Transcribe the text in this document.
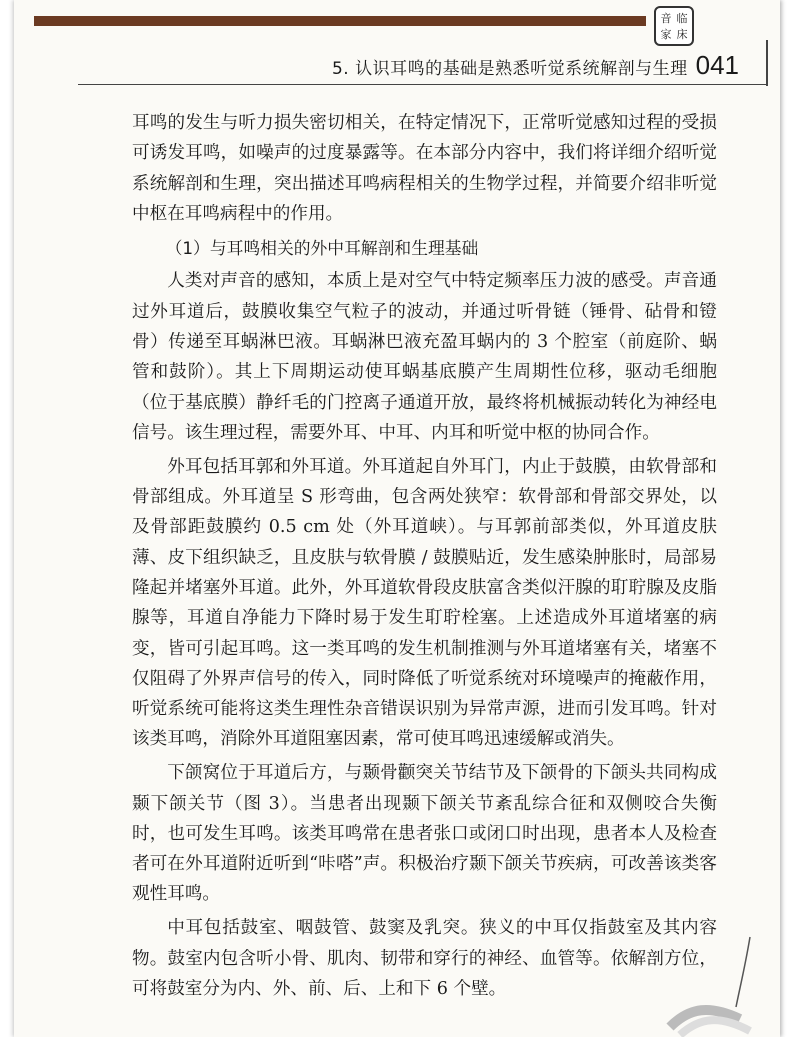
音 临
家 床
5. 认识耳鸣的基础是熟悉听觉系统解剖与生理 041

耳鸣的发生与听力损失密切相关，在特定情况下，正常听觉感知过程的受损可诱发耳鸣，如噪声的过度暴露等。在本部分内容中，我们将详细介绍听觉系统解剖和生理，突出描述耳鸣病程相关的生物学过程，并简要介绍非听觉中枢在耳鸣病程中的作用。

（1）与耳鸣相关的外中耳解剖和生理基础

人类对声音的感知，本质上是对空气中特定频率压力波的感受。声音通过外耳道后，鼓膜收集空气粒子的波动，并通过听骨链（锤骨、砧骨和镫骨）传递至耳蜗淋巴液。耳蜗淋巴液充盈耳蜗内的 3 个腔室（前庭阶、蜗管和鼓阶）。其上下周期运动使耳蜗基底膜产生周期性位移，驱动毛细胞（位于基底膜）静纤毛的门控离子通道开放，最终将机械振动转化为神经电信号。该生理过程，需要外耳、中耳、内耳和听觉中枢的协同合作。

外耳包括耳郭和外耳道。外耳道起自外耳门，内止于鼓膜，由软骨部和骨部组成。外耳道呈 S 形弯曲，包含两处狭窄：软骨部和骨部交界处，以及骨部距鼓膜约 0.5 cm 处（外耳道峡）。与耳郭前部类似，外耳道皮肤薄、皮下组织缺乏，且皮肤与软骨膜 / 鼓膜贴近，发生感染肿胀时，局部易隆起并堵塞外耳道。此外，外耳道软骨段皮肤富含类似汗腺的耵聍腺及皮脂腺等，耳道自净能力下降时易于发生耵聍栓塞。上述造成外耳道堵塞的病变，皆可引起耳鸣。这一类耳鸣的发生机制推测与外耳道堵塞有关，堵塞不仅阻碍了外界声信号的传入，同时降低了听觉系统对环境噪声的掩蔽作用，听觉系统可能将这类生理性杂音错误识别为异常声源，进而引发耳鸣。针对该类耳鸣，消除外耳道阻塞因素，常可使耳鸣迅速缓解或消失。

下颌窝位于耳道后方，与颞骨颧突关节结节及下颌骨的下颌头共同构成颞下颌关节（图 3）。当患者出现颞下颌关节紊乱综合征和双侧咬合失衡时，也可发生耳鸣。该类耳鸣常在患者张口或闭口时出现，患者本人及检查者可在外耳道附近听到“咔嗒”声。积极治疗颞下颌关节疾病，可改善该类客观性耳鸣。

中耳包括鼓室、咽鼓管、鼓窦及乳突。狭义的中耳仅指鼓室及其内容物。鼓室内包含听小骨、肌肉、韧带和穿行的神经、血管等。依解剖方位，可将鼓室分为内、外、前、后、上和下 6 个壁。
